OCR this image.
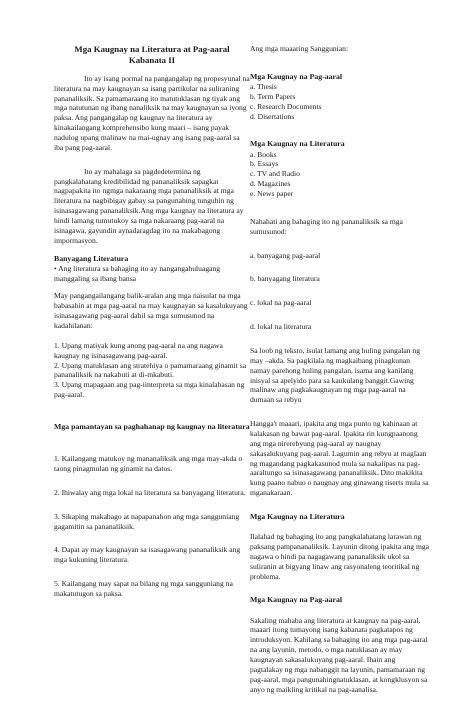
Mga Kaugnay na Literatura at Pag-aaral
Kabanata II

Ito ay isang pormal na pangangalap ng propesyunal na literatura na may kaugnayan sa isang partikular na suliraning pananaliksik. Sa pamamaraang ito matutuklasan ng tiyak ang mga natutunan ng ibang nanaliksik na may kaugnayan sa iyong paksa. Ang pangangalap ng kaugnay na literatura ay kinakailangang komprehensibo kung maari – isang payak nadulog upang malinaw na mai-ugnay ang isang pag-aaral sa iba pang pag-aaral.

Ito ay mahalaga sa pagdedetermina ng pangkalahatang kredibilidad ng pananaliksik sapagkat nagpapakita ito ngmga nakaraang mga pananaliksik at mga literatura na nagbibigay gabay sa pangunahing tunguhin ng isinasagawang pananaliksik.Ang mga kaugnay na literatura ay hindi lamang tumutukoy sa mga nakaraang pag-aaral na isinagawa, gayundin aynadaragdag ito na makabagong impormasyon.

Banyagang Literatura

• Ang literatura sa bahaging ito ay nangangahuluagang manggaling sa ibang bansa

May pangangailangang balik-aralan ang mga naisulat na mga babasahin at mga pag-aaral na may kaugnayan sa kasalukuyang isinasagawang pag-aaral dahil sa mga sumusunod na kadahilanan:

1. Upang matiyak kung anong pag-aaral na ang nagawa kaugnay ng isinasagawang pag-aaral.

2. Upang matuklasan ang stratehiya o pamamaraang ginamit sa pananaliksik na nakabuti at di-mkabuti.

3. Upang mapagaan ang pag-iinterpreta sa mga kinalabasan ng pag-aaral.

Mga pamantayan sa paghahanap ng kaugnay na literatura

1. Kailangang matukoy ng mananaliksik ang mga may-akda o taong pinagmulan ng ginamit na datos.

2. Ihiwalay ang mga lokal na literatura sa banyagang literatura.

3. Sikaping makabago at napapanahon ang mga sangguniang gagamitin sa pananaliksik.

4. Dapat ay may kaugnayan sa isasagawang pananaliksik ang mga kukuning literatura.

5. Kailangang may sapat na bilang ng mga sangguniang na makatutugon sa paksa.

Ang mga maaaring Sanggunian:

Mga Kaugnay na Pag-aaral

a. Thesis
b. Term Papers
c. Research Documents
d. Disertations

Mga Kaugnay na Literatura

a. Books
b. Essays
c. TV and Radio
d. Magazines
e. News paper

Nahahati ang bahaging ito ng pananaliksik sa mga sumusunod:

a. banyagang pag-aaral

b. banyagang literatura

c. lokal na pag-aaral

d. lokal na literatura

Sa loob ng teksto, isulat lamang ang huling pangalan ng may –akda. Sa pagkilala ng magkaibang pinagkunan namay parehong huling pangalan, isama ang kanilang inisyal sa apelyido para sa kaukulang banggit.Gawing malinaw ang pagkakaugnayan ng mga pag-aaral na dumaan sa rebyu

Hangga't maaari, ipakita ang mga punto ng kahinaan at kalakasan ng bawat pag-aaral. Ipakita rin kungpaanong ang mga nirerebyung pag-aaral ay naugnay sakasalukuyang pag-aaral. Lagumin ang rebyu at maglaan ng magandang pagkakasunod mula sa nakalipas na pag-aaraltungo sa isinasagawang pananaliksik. Dito makikita kung paano nabuo o naugnay ang ginawang tiserts mula sa mganakaraan.

Mga Kaugnay na Literatura

Ilalahad ng bahaging ito ang pangkalahatang larawan ng paksang pampananaliksik. Layunin ditong ipakita ang mga nagawa o hindi pa nagagawang pananaliksik ukol sa suliranin at bigyang linaw ang rasyonaleng teoritikal ng problema.

Mga Kaugnay na Pag-aaral

Sakaling mahaba ang literatura at kaugnay na pag-aaral, maaari itong tumayong isang kabanata pagkatapos ng introduksyon. Kabilang sa bahaging ito ang mga pag-aaral na ang layunin, metodo, o mga natuklasan ay may kaugnayan sakasalukuyang pag-aaral. Ihain ang pagtalakay ng mga nabanggit na layunin, pamamaraan ng pag-aaral, mga pangunahingnatuklasan, at kongklusyon sa anyo ng maikling kritikal na pag-aanalisa.
